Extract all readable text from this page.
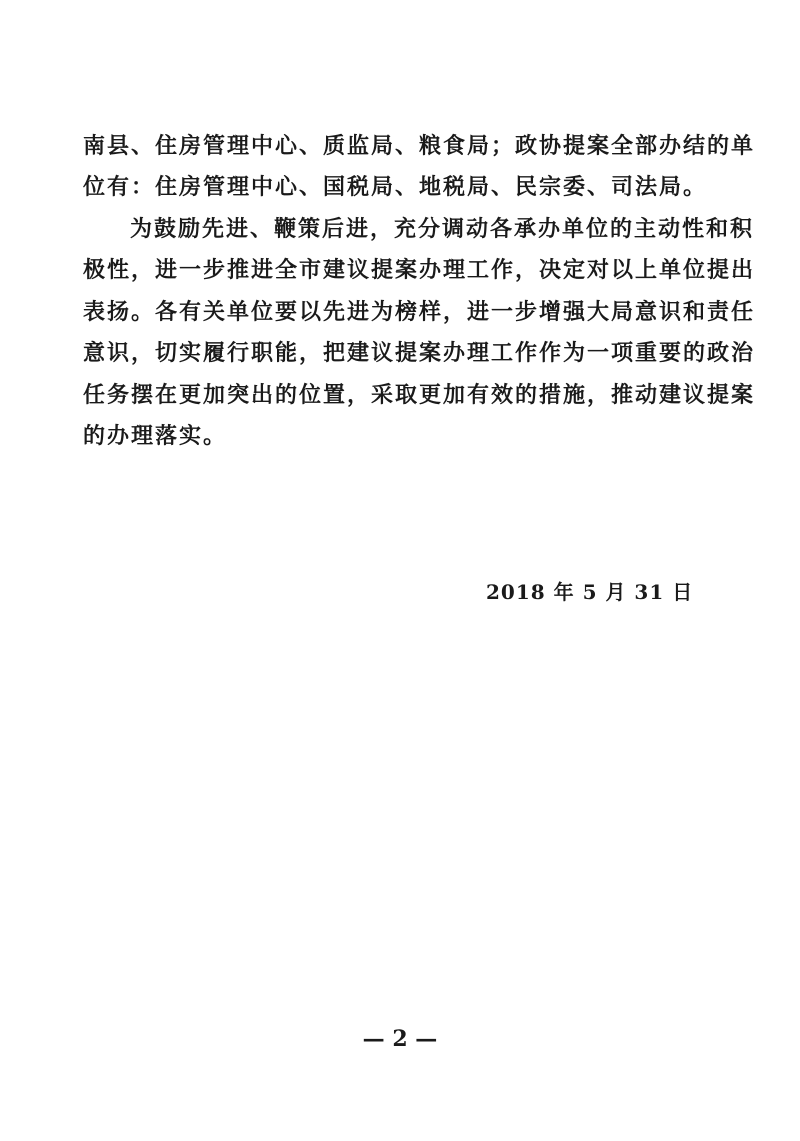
南县、住房管理中心、质监局、粮食局；政协提案全部办结的单
位有：住房管理中心、国税局、地税局、民宗委、司法局。
为鼓励先进、鞭策后进，充分调动各承办单位的主动性和积
极性，进一步推进全市建议提案办理工作，决定对以上单位提出
表扬。各有关单位要以先进为榜样，进一步增强大局意识和责任
意识，切实履行职能，把建议提案办理工作作为一项重要的政治
任务摆在更加突出的位置，采取更加有效的措施，推动建议提案
的办理落实。
2018 年 5 月 31 日
— 2 —
